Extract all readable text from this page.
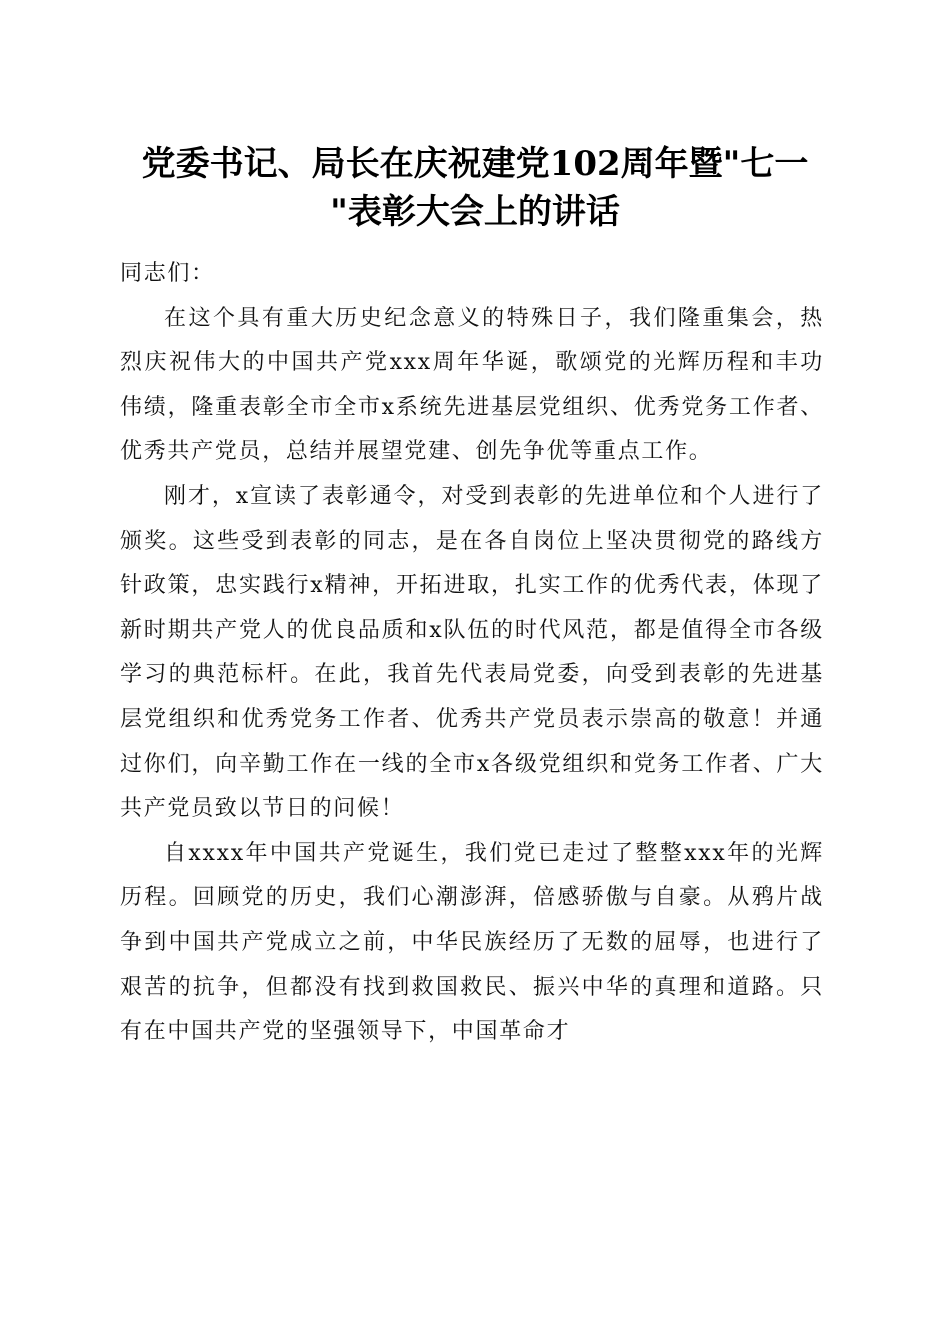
党委书记、局长在庆祝建党102周年暨"七一
"表彰大会上的讲话

同志们：

在这个具有重大历史纪念意义的特殊日子，我们隆重集会，热烈庆祝伟大的中国共产党xxx周年华诞，歌颂党的光辉历程和丰功伟绩，隆重表彰全市全市x系统先进基层党组织、优秀党务工作者、优秀共产党员，总结并展望党建、创先争优等重点工作。

刚才，x宣读了表彰通令，对受到表彰的先进单位和个人进行了颁奖。这些受到表彰的同志，是在各自岗位上坚决贯彻党的路线方针政策，忠实践行x精神，开拓进取，扎实工作的优秀代表，体现了新时期共产党人的优良品质和x队伍的时代风范，都是值得全市各级学习的典范标杆。在此，我首先代表局党委，向受到表彰的先进基层党组织和优秀党务工作者、优秀共产党员表示崇高的敬意！并通过你们，向辛勤工作在一线的全市x各级党组织和党务工作者、广大共产党员致以节日的问候！

自xxxx年中国共产党诞生，我们党已走过了整整xxx年的光辉历程。回顾党的历史，我们心潮澎湃，倍感骄傲与自豪。从鸦片战争到中国共产党成立之前，中华民族经历了无数的屈辱，也进行了艰苦的抗争，但都没有找到救国救民、振兴中华的真理和道路。只有在中国共产党的坚强领导下，中国革命才
